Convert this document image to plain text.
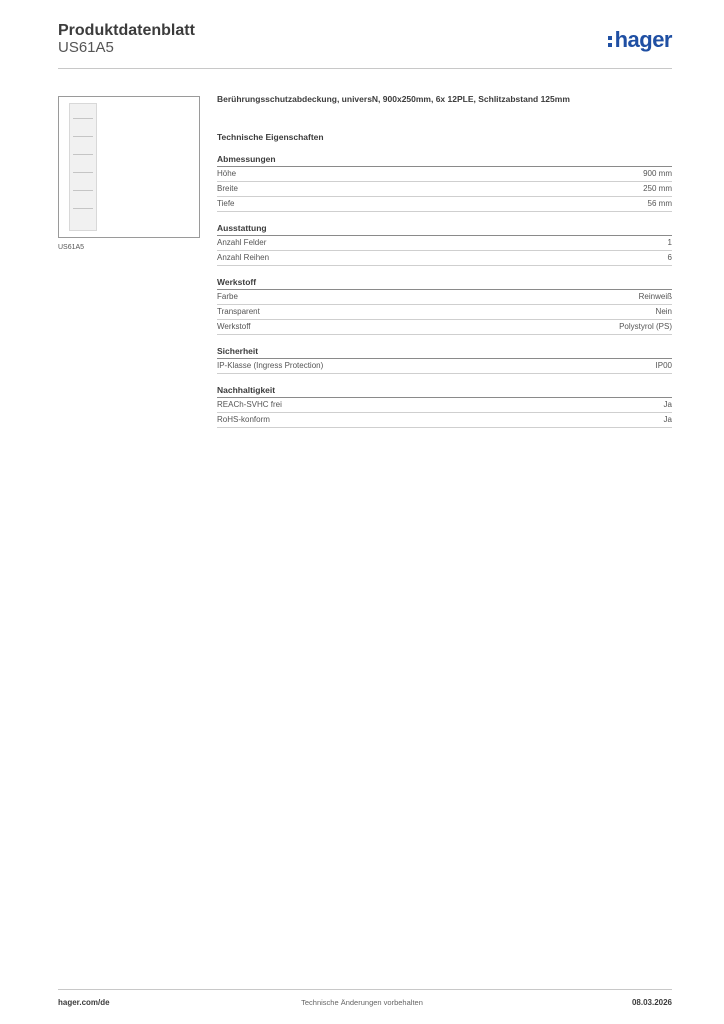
Produktdatenblatt
US61A5	hager
US61A5
Berührungsschutzabdeckung, universN, 900x250mm, 6x 12PLE, Schlitzabstand 125mm
Technische Eigenschaften
Abmessungen
Höhe	900 mm
Breite	250 mm
Tiefe	56 mm
Ausstattung
Anzahl Felder	1
Anzahl Reihen	6
Werkstoff
Farbe	Reinweiß
Transparent	Nein
Werkstoff	Polystyrol (PS)
Sicherheit
IP-Klasse (Ingress Protection)	IP00
Nachhaltigkeit
REACh-SVHC frei	Ja
RoHS-konform	Ja
hager.com/de	Technische Änderungen vorbehalten	08.03.2026
